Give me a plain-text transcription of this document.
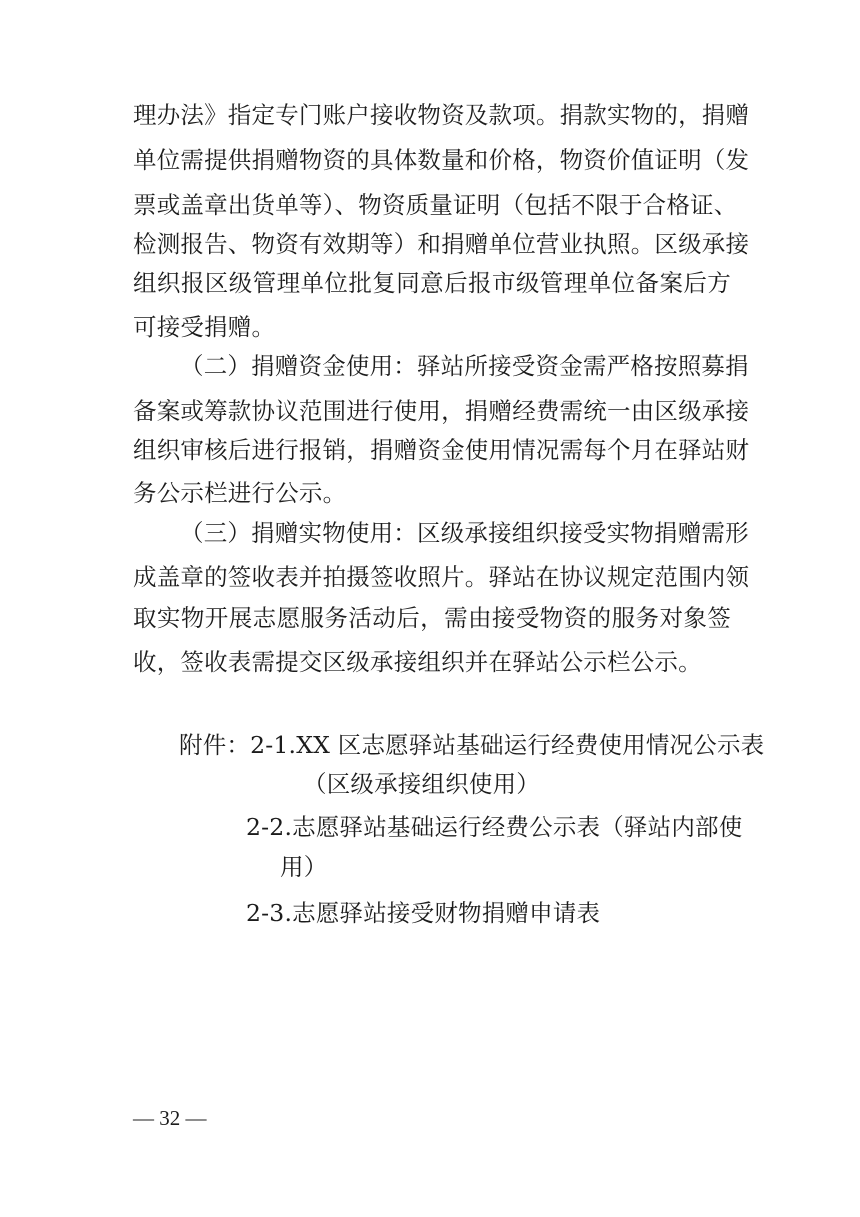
理办法》指定专门账户接收物资及款项。捐款实物的，捐赠
单位需提供捐赠物资的具体数量和价格，物资价值证明（发
票或盖章出货单等）、物资质量证明（包括不限于合格证、
检测报告、物资有效期等）和捐赠单位营业执照。区级承接
组织报区级管理单位批复同意后报市级管理单位备案后方
可接受捐赠。
（二）捐赠资金使用：驿站所接受资金需严格按照募捐
备案或筹款协议范围进行使用，捐赠经费需统一由区级承接
组织审核后进行报销，捐赠资金使用情况需每个月在驿站财
务公示栏进行公示。
（三）捐赠实物使用：区级承接组织接受实物捐赠需形
成盖章的签收表并拍摄签收照片。驿站在协议规定范围内领
取实物开展志愿服务活动后，需由接受物资的服务对象签
收，签收表需提交区级承接组织并在驿站公示栏公示。
附件：2-1.XX 区志愿驿站基础运行经费使用情况公示表
（区级承接组织使用）
2-2.志愿驿站基础运行经费公示表（驿站内部使
用）
2-3.志愿驿站接受财物捐赠申请表
— 32 —
